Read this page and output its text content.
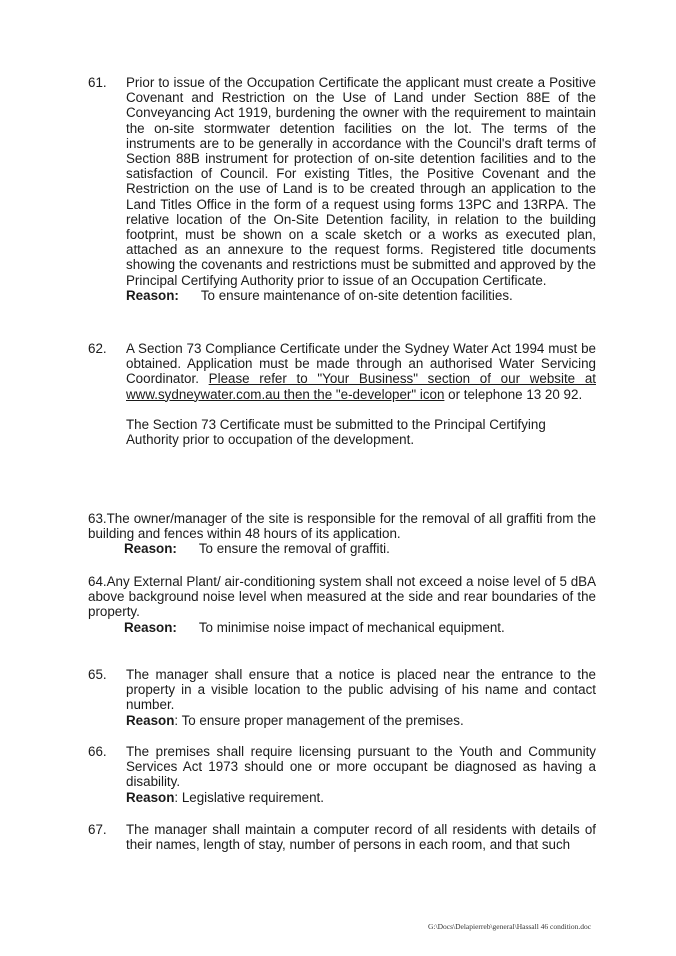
61. Prior to issue of the Occupation Certificate the applicant must create a Positive Covenant and Restriction on the Use of Land under Section 88E of the Conveyancing Act 1919, burdening the owner with the requirement to maintain the on-site stormwater detention facilities on the lot. The terms of the instruments are to be generally in accordance with the Council's draft terms of Section 88B instrument for protection of on-site detention facilities and to the satisfaction of Council. For existing Titles, the Positive Covenant and the Restriction on the use of Land is to be created through an application to the Land Titles Office in the form of a request using forms 13PC and 13RPA. The relative location of the On-Site Detention facility, in relation to the building footprint, must be shown on a scale sketch or a works as executed plan, attached as an annexure to the request forms. Registered title documents showing the covenants and restrictions must be submitted and approved by the Principal Certifying Authority prior to issue of an Occupation Certificate.

Reason: To ensure maintenance of on-site detention facilities.

62. A Section 73 Compliance Certificate under the Sydney Water Act 1994 must be obtained. Application must be made through an authorised Water Servicing Coordinator. Please refer to "Your Business" section of our website at www.sydneywater.com.au then the "e-developer" icon or telephone 13 20 92.

The Section 73 Certificate must be submitted to the Principal Certifying Authority prior to occupation of the development.

63.The owner/manager of the site is responsible for the removal of all graffiti from the building and fences within 48 hours of its application.

Reason: To ensure the removal of graffiti.

64.Any External Plant/ air-conditioning system shall not exceed a noise level of 5 dBA above background noise level when measured at the side and rear boundaries of the property.

Reason: To minimise noise impact of mechanical equipment.

65. The manager shall ensure that a notice is placed near the entrance to the property in a visible location to the public advising of his name and contact number.

Reason: To ensure proper management of the premises.

66. The premises shall require licensing pursuant to the Youth and Community Services Act 1973 should one or more occupant be diagnosed as having a disability.

Reason: Legislative requirement.

67. The manager shall maintain a computer record of all residents with details of their names, length of stay, number of persons in each room, and that such

G:\Docs\Delapierreb\general\Hassall 46 condition.doc
